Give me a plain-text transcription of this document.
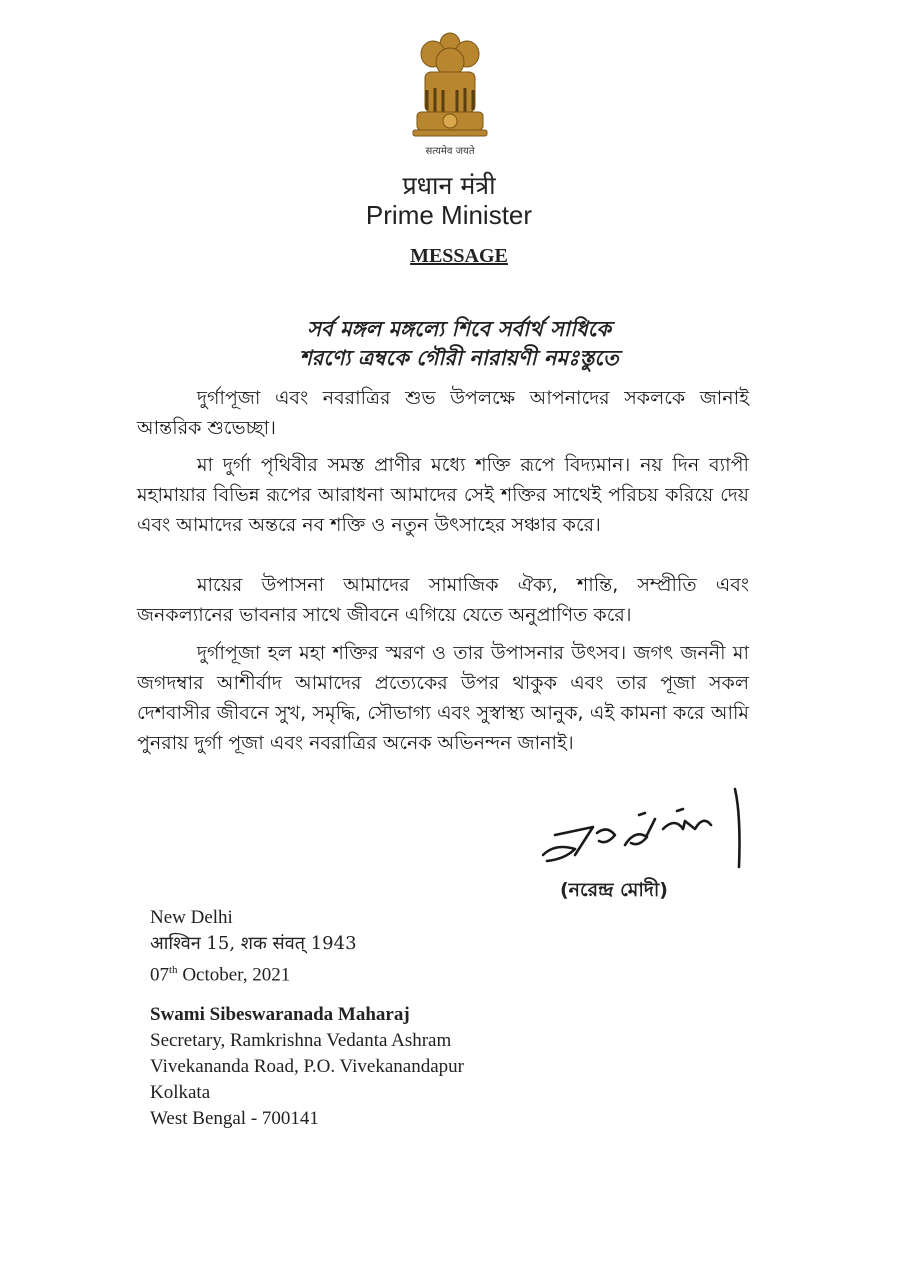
सत्यमेव जयते
प्रधान मंत्री
Prime Minister
MESSAGE
সর্ব মঙ্গল মঙ্গল্যে শিবে সর্বার্থ সাধিকে
শরণ্যে ত্রম্বকে গৌরী নারায়ণী নমঃস্তুতে
দুর্গাপূজা এবং নবরাত্রির শুভ উপলক্ষে আপনাদের সকলকে জানাই আন্তরিক শুভেচ্ছা।
মা দুর্গা পৃথিবীর সমস্ত প্রাণীর মধ্যে শক্তি রূপে বিদ্যমান। নয় দিন ব্যাপী মহামায়ার বিভিন্ন রূপের আরাধনা আমাদের সেই শক্তির সাথেই পরিচয় করিয়ে দেয় এবং আমাদের অন্তরে নব শক্তি ও নতুন উৎসাহের সঞ্চার করে।
মায়ের উপাসনা আমাদের সামাজিক ঐক্য, শান্তি, সম্প্রীতি এবং জনকল্যানের ভাবনার সাথে জীবনে এগিয়ে যেতে অনুপ্রাণিত করে।
দুর্গাপূজা হল মহা শক্তির স্মরণ ও তার উপাসনার উৎসব। জগৎ জননী মা জগদম্বার আশীর্বাদ আমাদের প্রত্যেকের উপর থাকুক এবং তার পূজা সকল দেশবাসীর জীবনে সুখ, সমৃদ্ধি, সৌভাগ্য এবং সুস্বাস্থ্য আনুক, এই কামনা করে আমি পুনরায় দুর্গা পূজা এবং নবরাত্রির অনেক অভিনন্দন জানাই।
(নরেন্দ্র মোদী)
New Delhi
आश्विन 15, शक संवत् 1943
07th October, 2021
Swami Sibeswaranada Maharaj
Secretary, Ramkrishna Vedanta Ashram
Vivekananda Road, P.O. Vivekanandapur
Kolkata
West Bengal - 700141
